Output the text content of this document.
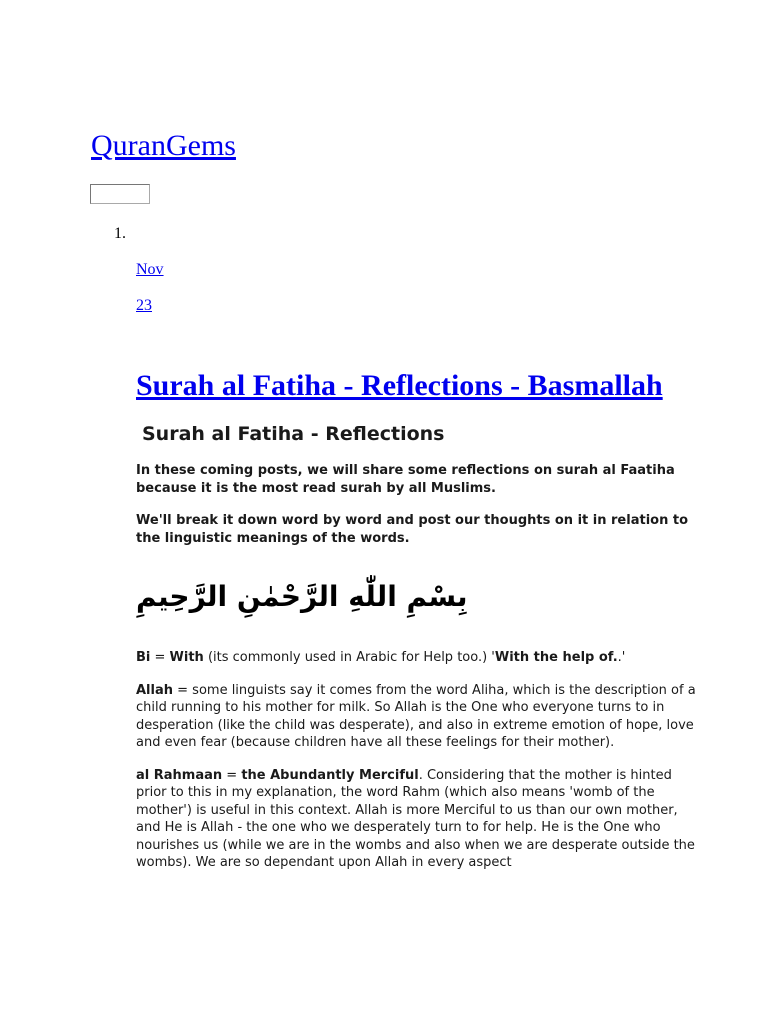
QuranGems
1.
Nov
23
Surah al Fatiha - Reflections - Basmallah
Surah al Fatiha - Reflections

In these coming posts, we will share some reflections on surah al Faatiha because it is the most read surah by all Muslims.

We'll break it down word by word and post our thoughts on it in relation to the linguistic meanings of the words.

بِسْمِ اللّٰهِ الرَّحْمٰنِ الرَّحِيمِ

Bi = With (its commonly used in Arabic for Help too.) 'With the help of..'

Allah = some linguists say it comes from the word Aliha, which is the description of a child running to his mother for milk. So Allah is the One who everyone turns to in desperation (like the child was desperate), and also in extreme emotion of hope, love and even fear (because children have all these feelings for their mother).

al Rahmaan = the Abundantly Merciful. Considering that the mother is hinted prior to this in my explanation, the word Rahm (which also means 'womb of the mother') is useful in this context. Allah is more Merciful to us than our own mother, and He is Allah - the one who we desperately turn to for help. He is the One who nourishes us (while we are in the wombs and also when we are desperate outside the wombs). We are so dependant upon Allah in every aspect
